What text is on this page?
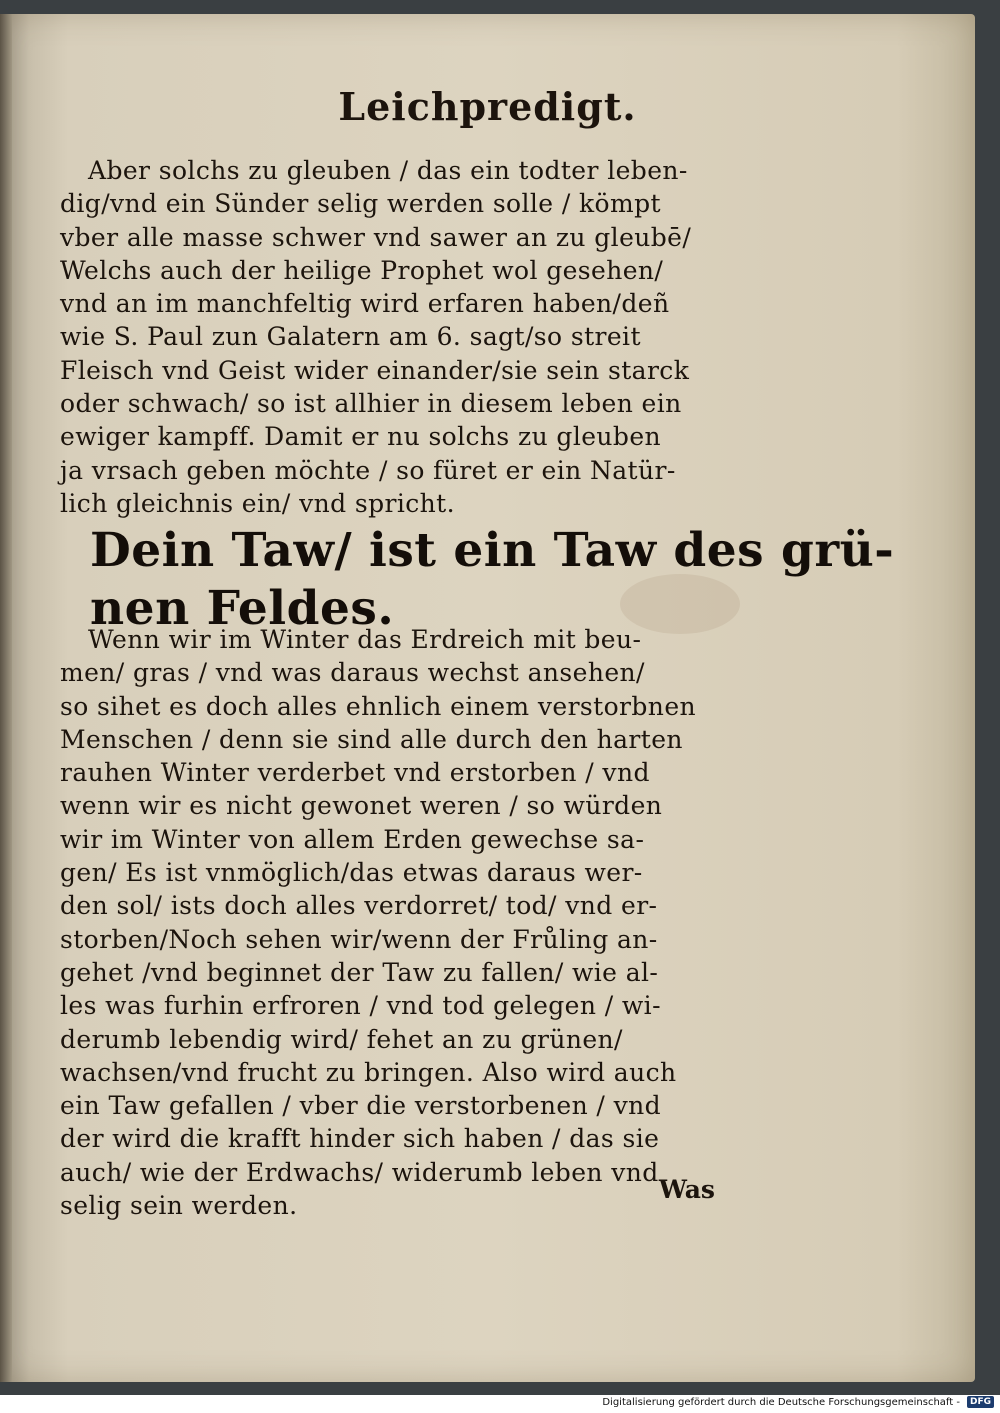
Leichpredigt.
Aber solchs zu gleuben / das ein todter leben-
dig/vnd ein Sünder selig werden solle / kömpt
vber alle masse schwer vnd sawer an zu gleubē/
Welchs auch der heilige Prophet wol gesehen/
vnd an im manchfeltig wird erfaren haben/deñ
wie S. Paul zun Galatern am 6. sagt/so streit
Fleisch vnd Geist wider einander/sie sein starck
oder schwach/ so ist allhier in diesem leben ein
ewiger kampff. Damit er nu solchs zu gleuben
ja vrsach geben möchte / so füret er ein Natür-
lich gleichnis ein/ vnd spricht.
Dein Taw/ ist ein Taw des grü-
nen Feldes.
Wenn wir im Winter das Erdreich mit beu-
men/ gras / vnd was daraus wechst ansehen/
so sihet es doch alles ehnlich einem verstorbnen
Menschen / denn sie sind alle durch den harten
rauhen Winter verderbet vnd erstorben / vnd
wenn wir es nicht gewonet weren / so würden
wir im Winter von allem Erden gewechse sa-
gen/ Es ist vnmöglich/das etwas daraus wer-
den sol/ ists doch alles verdorret/ tod/ vnd er-
storben/Noch sehen wir/wenn der Frůling an-
gehet /vnd beginnet der Taw zu fallen/ wie al-
les was furhin erfroren / vnd tod gelegen / wi-
derumb lebendig wird/ fehet an zu grünen/
wachsen/vnd frucht zu bringen. Also wird auch
ein Taw gefallen / vber die verstorbenen / vnd
der wird die krafft hinder sich haben / das sie
auch/ wie der Erdwachs/ widerumb leben vnd
selig sein werden.
Was
Digitalisierung gefördert durch die Deutsche Forschungsgemeinschaft -	DFG
